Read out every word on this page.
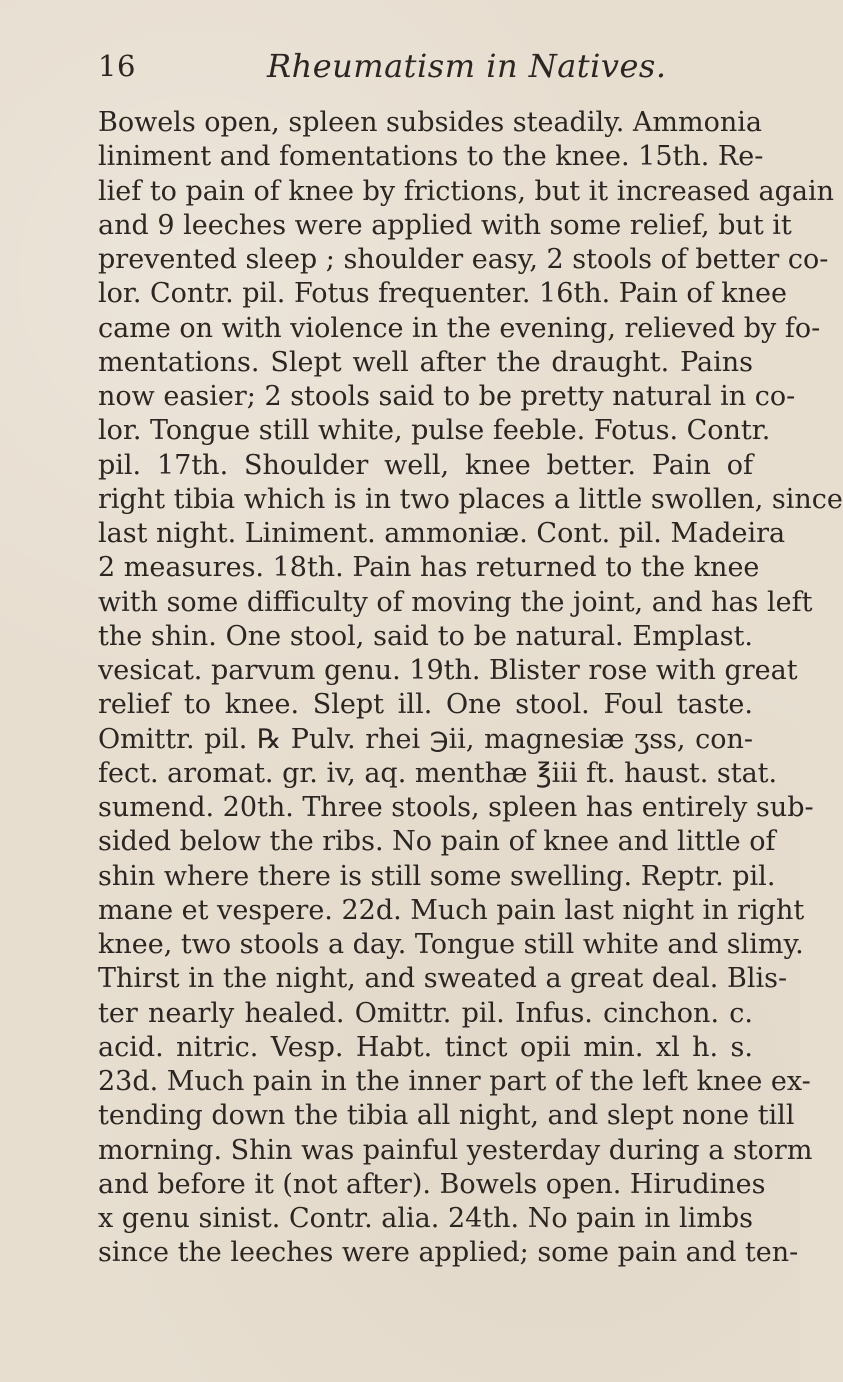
16	Rheumatism in Natives.
Bowels open, spleen subsides steadily. Ammonia
liniment and fomentations to the knee. 15th. Re-
lief to pain of knee by frictions, but it increased again
and 9 leeches were applied with some relief, but it
prevented sleep ; shoulder easy, 2 stools of better co-
lor. Contr. pil. Fotus frequenter. 16th. Pain of knee
came on with violence in the evening, relieved by fo-
mentations. Slept well after the draught. Pains
now easier; 2 stools said to be pretty natural in co-
lor. Tongue still white, pulse feeble. Fotus. Contr.
pil. 17th. Shoulder well, knee better. Pain of
right tibia which is in two places a little swollen, since
last night. Liniment. ammoniæ. Cont. pil. Madeira
2 measures. 18th. Pain has returned to the knee
with some difficulty of moving the joint, and has left
the shin. One stool, said to be natural. Emplast.
vesicat. parvum genu. 19th. Blister rose with great
relief to knee. Slept ill. One stool. Foul taste.
Omittr. pil. ℞ Pulv. rhei ℈ii, magnesiæ ʒss, con-
fect. aromat. gr. iv, aq. menthæ ℥iii ft. haust. stat.
sumend. 20th. Three stools, spleen has entirely sub-
sided below the ribs. No pain of knee and little of
shin where there is still some swelling. Reptr. pil.
mane et vespere. 22d. Much pain last night in right
knee, two stools a day. Tongue still white and slimy.
Thirst in the night, and sweated a great deal. Blis-
ter nearly healed. Omittr. pil. Infus. cinchon. c.
acid. nitric. Vesp. Habt. tinct opii min. xl h. s.
23d. Much pain in the inner part of the left knee ex-
tending down the tibia all night, and slept none till
morning. Shin was painful yesterday during a storm
and before it (not after). Bowels open. Hirudines
x genu sinist. Contr. alia. 24th. No pain in limbs
since the leeches were applied; some pain and ten-
